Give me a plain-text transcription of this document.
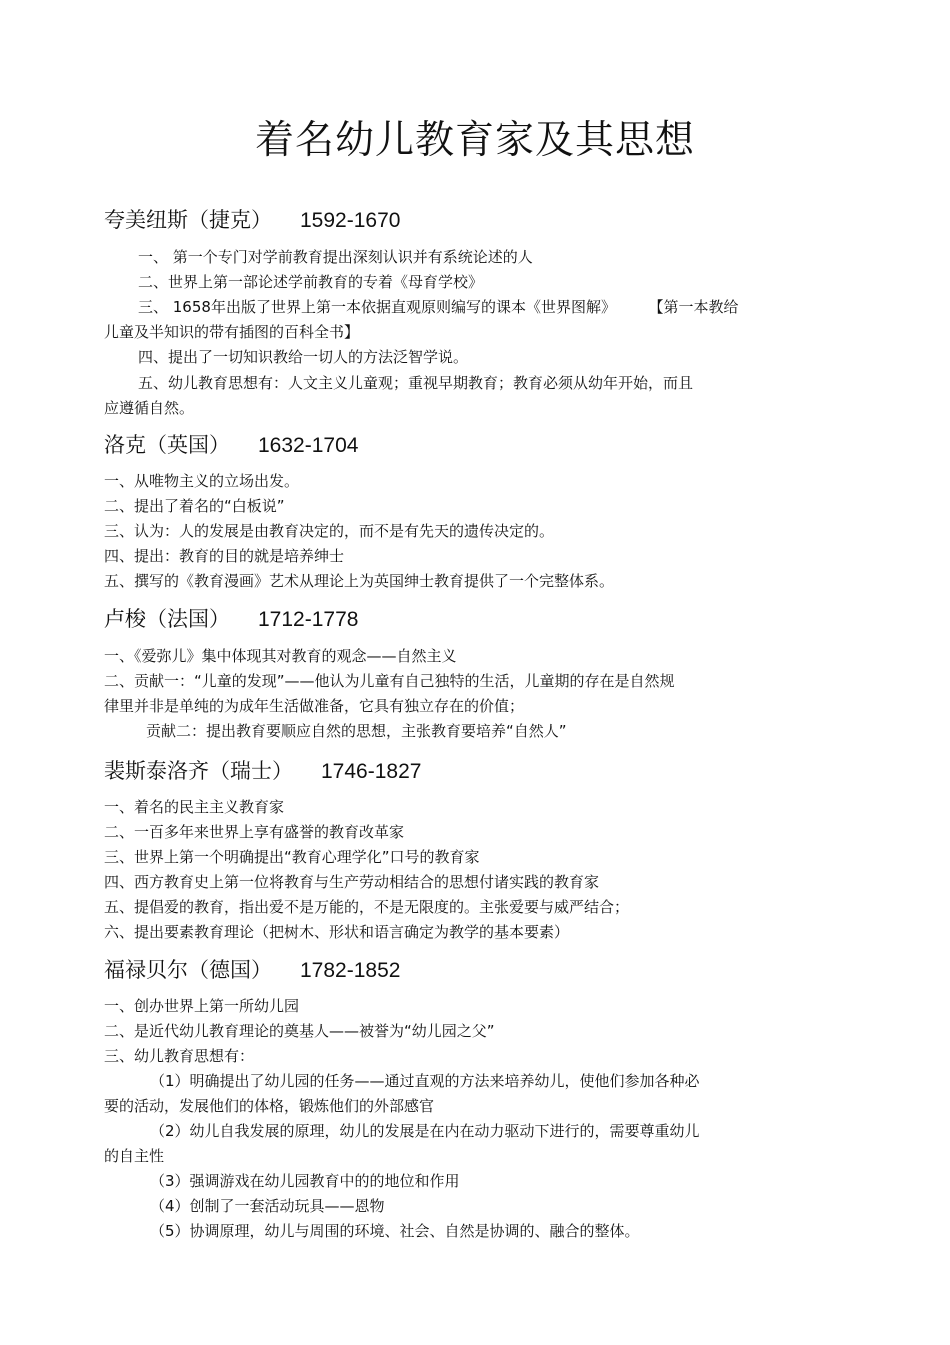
着名幼儿教育家及其思想
夸美纽斯（捷克） 1592-1670
一、 第一个专门对学前教育提出深刻认识并有系统论述的人
二、世界上第一部论述学前教育的专着《母育学校》
三、 1658年出版了世界上第一本依据直观原则编写的课本《世界图解》	【第一本教给
儿童及半知识的带有插图的百科全书】
四、提出了一切知识教给一切人的方法泛智学说。
五、幼儿教育思想有：人文主义儿童观；重视早期教育；教育必须从幼年开始，而且
应遵循自然。
洛克（英国） 1632-1704
一、从唯物主义的立场出发。
二、提出了着名的“白板说”
三、认为：人的发展是由教育决定的，而不是有先天的遗传决定的。
四、提出：教育的目的就是培养绅士
五、撰写的《教育漫画》艺术从理论上为英国绅士教育提供了一个完整体系。
卢梭（法国） 1712-1778
一、《爱弥儿》集中体现其对教育的观念——自然主义
二、贡献一：“儿童的发现”——他认为儿童有自己独特的生活，儿童期的存在是自然规
律里并非是单纯的为成年生活做准备，它具有独立存在的价值；
贡献二：提出教育要顺应自然的思想，主张教育要培养“自然人”
裴斯泰洛齐（瑞士） 1746-1827
一、着名的民主主义教育家
二、一百多年来世界上享有盛誉的教育改革家
三、世界上第一个明确提出“教育心理学化”口号的教育家
四、西方教育史上第一位将教育与生产劳动相结合的思想付诸实践的教育家
五、提倡爱的教育，指出爱不是万能的，不是无限度的。主张爱要与威严结合；
六、提出要素教育理论（把树木、形状和语言确定为教学的基本要素）
福禄贝尔（德国） 1782-1852
一、创办世界上第一所幼儿园
二、是近代幼儿教育理论的奠基人——被誉为“幼儿园之父”
三、幼儿教育思想有：
（1）明确提出了幼儿园的任务——通过直观的方法来培养幼儿，使他们参加各种必
要的活动，发展他们的体格，锻炼他们的外部感官
（2）幼儿自我发展的原理，幼儿的发展是在内在动力驱动下进行的，需要尊重幼儿
的自主性
（3）强调游戏在幼儿园教育中的的地位和作用
（4）创制了一套活动玩具——恩物
（5）协调原理，幼儿与周围的环境、社会、自然是协调的、融合的整体。
